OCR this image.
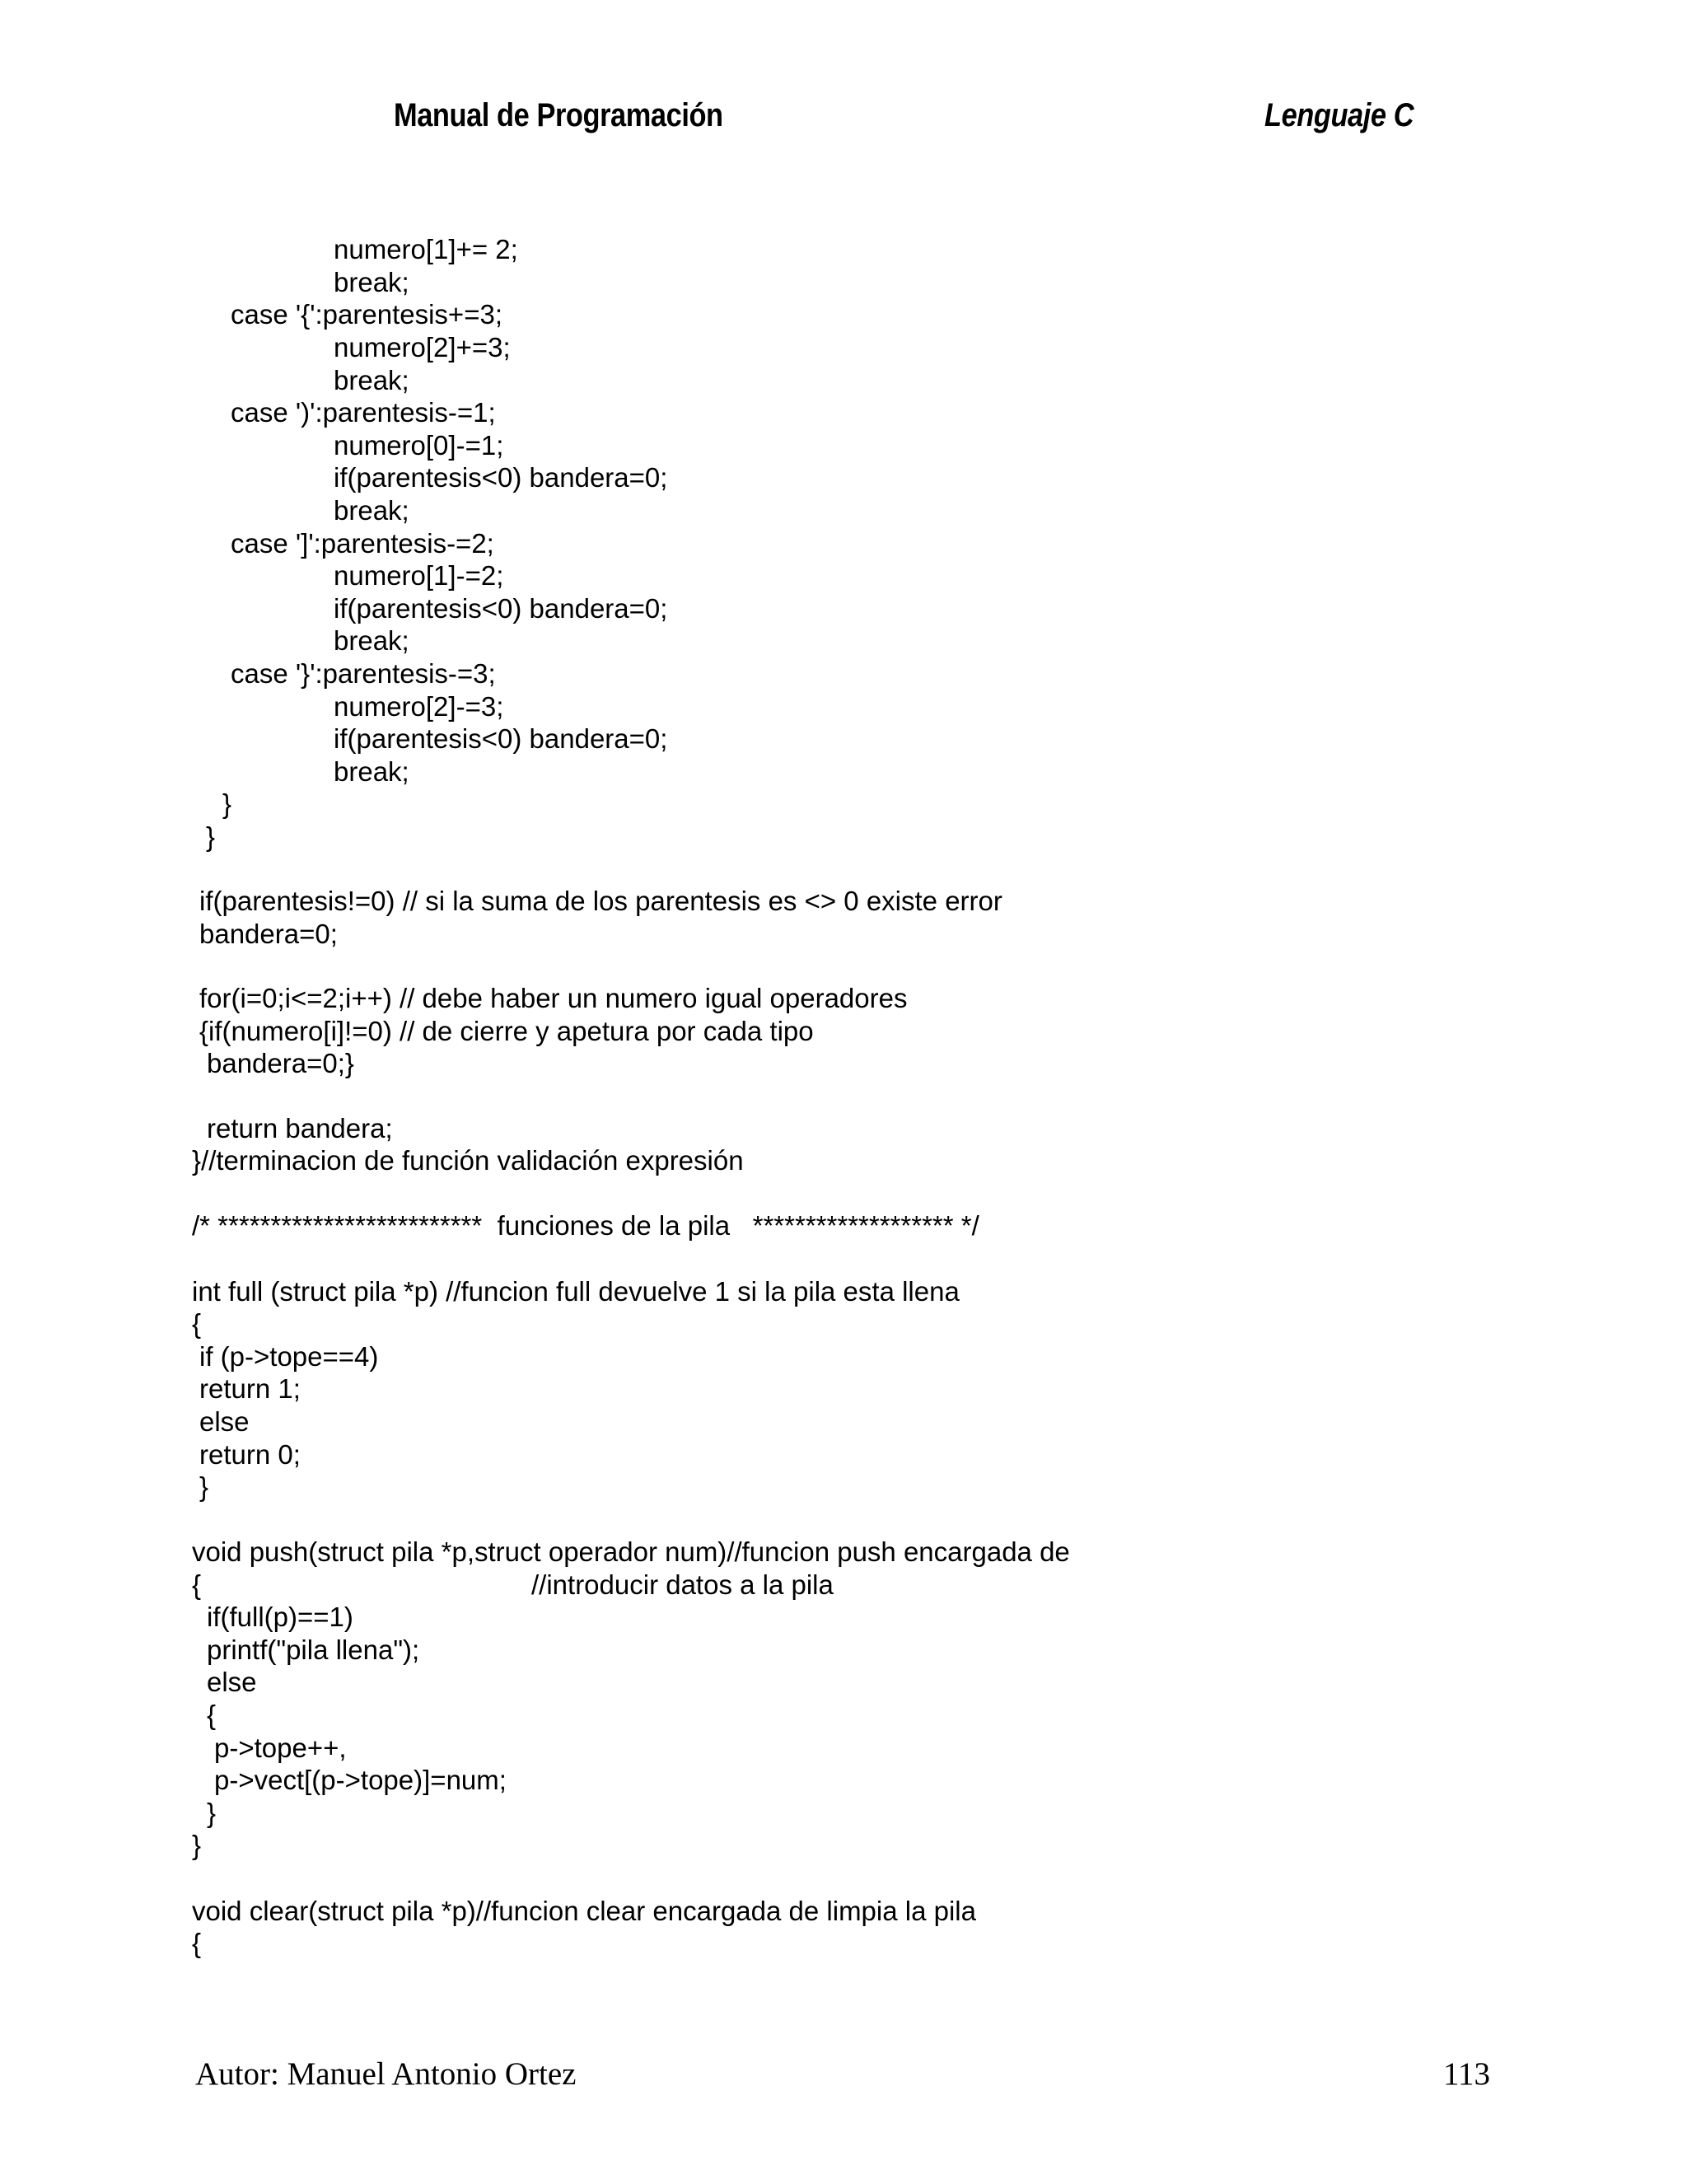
Manual de Programación	Lenguaje C
numero[1]+= 2;
break;
case '{':parentesis+=3;
numero[2]+=3;
break;
case ')':parentesis-=1;
numero[0]-=1;
if(parentesis<0) bandera=0;
break;
case ']':parentesis-=2;
numero[1]-=2;
if(parentesis<0) bandera=0;
break;
case '}':parentesis-=3;
numero[2]-=3;
if(parentesis<0) bandera=0;
break;
}
}
if(parentesis!=0) // si la suma de los parentesis es <> 0 existe error
bandera=0;
for(i=0;i<=2;i++) // debe haber un numero igual operadores
{if(numero[i]!=0) // de cierre y apetura por cada tipo
bandera=0;}
return bandera;
}//terminacion de función validación expresión
/* *************************  funciones de la pila   ******************* */
int full (struct pila *p) //funcion full devuelve 1 si la pila esta llena
{
if (p->tope==4)
return 1;
else
return 0;
}
void push(struct pila *p,struct operador num)//funcion push encargada de
{	//introducir datos a la pila
if(full(p)==1)
printf("pila llena");
else
{
p->tope++,
p->vect[(p->tope)]=num;
}
}
void clear(struct pila *p)//funcion clear encargada de limpia la pila
{
Autor: Manuel Antonio Ortez	113
